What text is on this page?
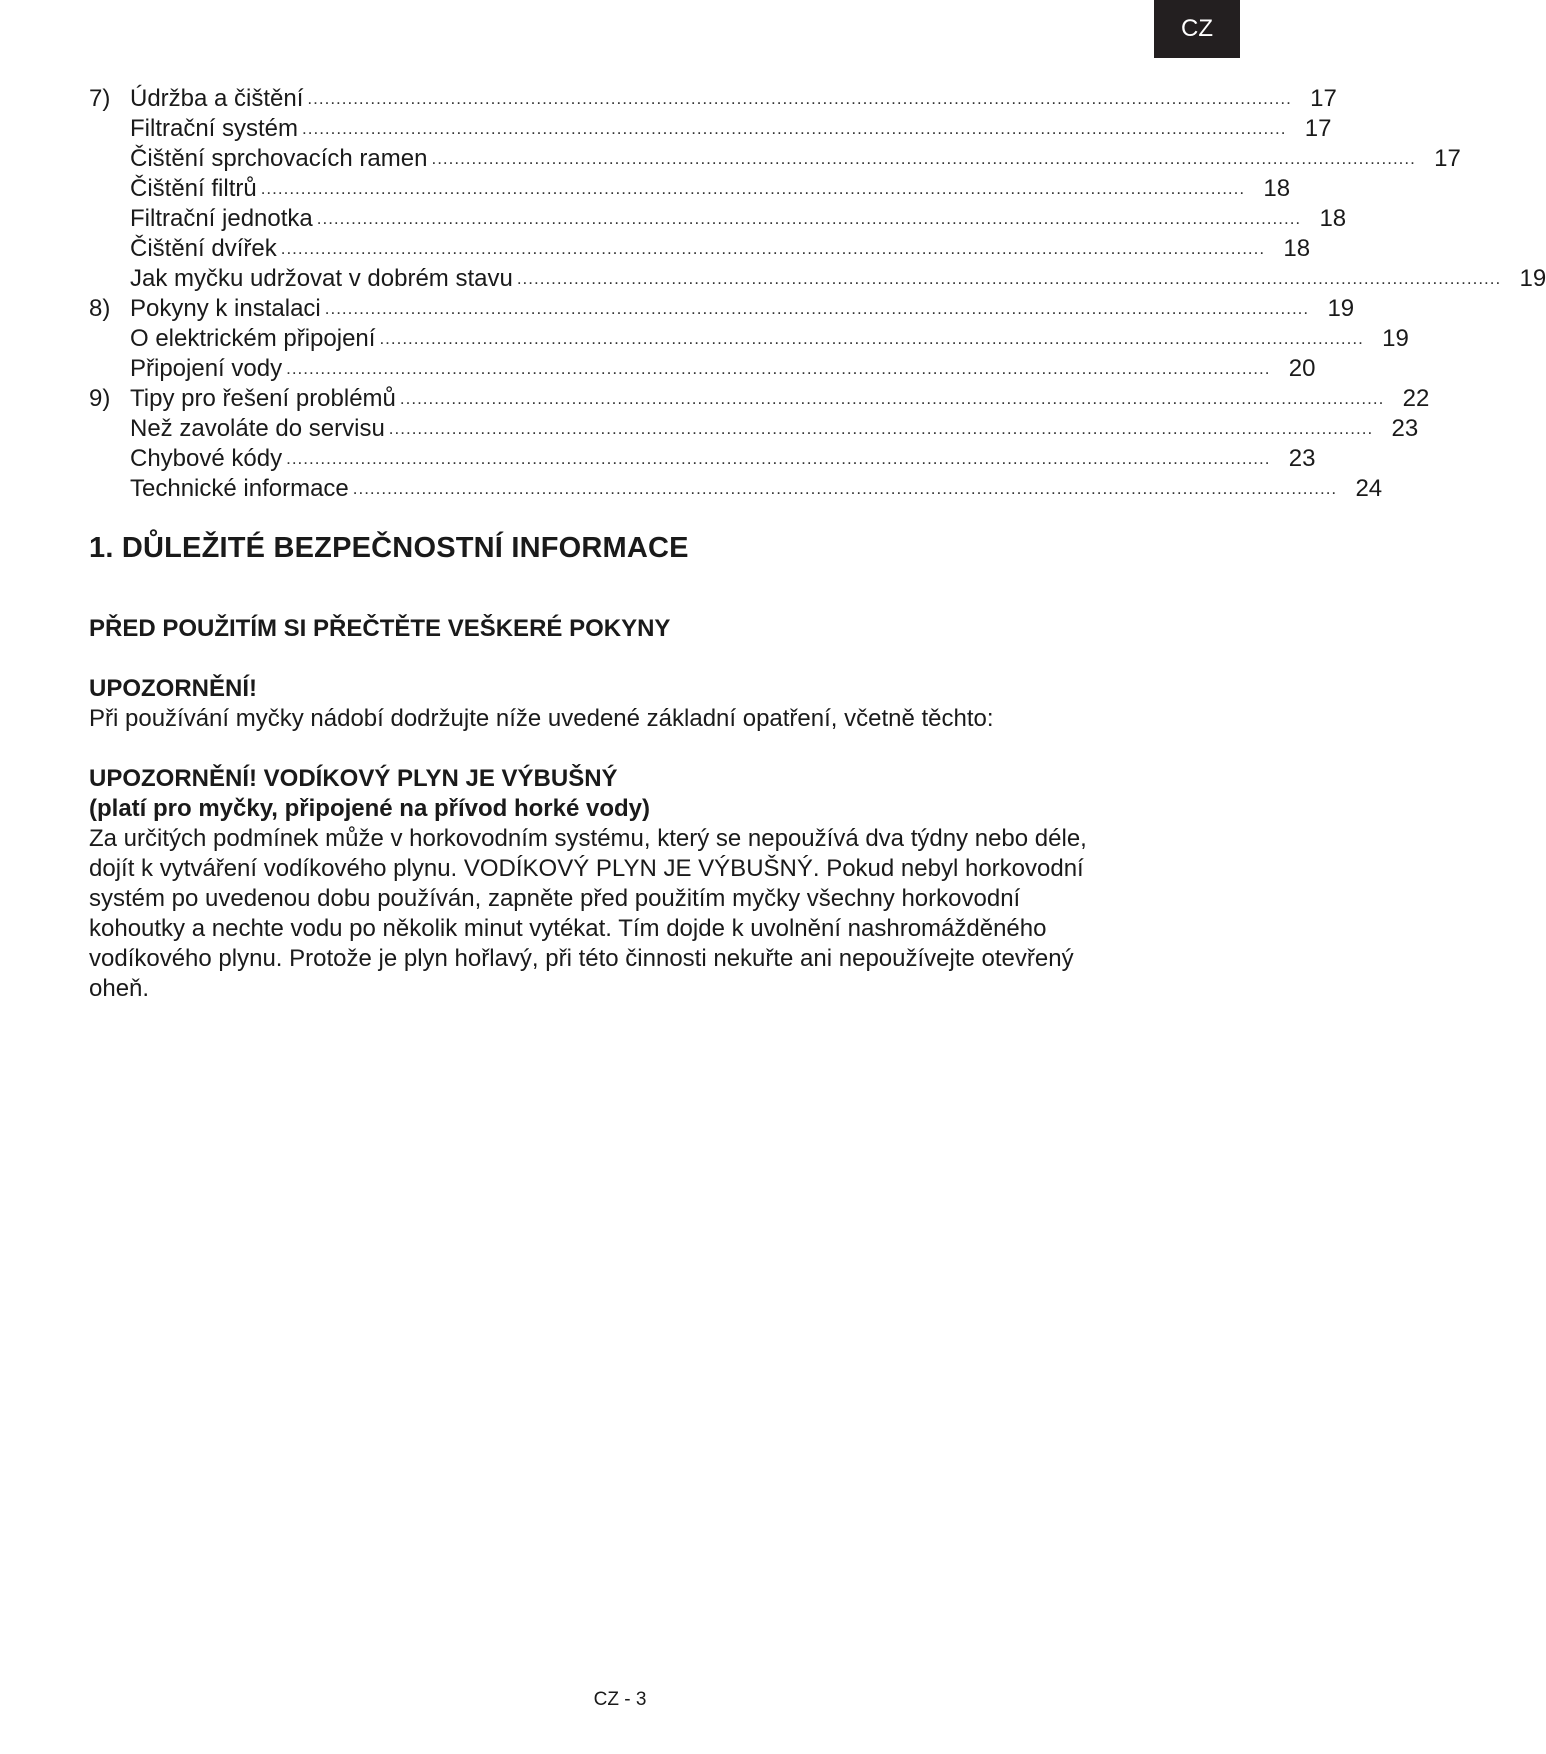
CZ
7) Údržba a čištění ............................................................................................................................................................................ 17
Filtrační systém ............................................................................................................................................................................ 17
Čištění sprchovacích ramen ............................................................................................................................................................................ 17
Čištění filtrů ............................................................................................................................................................................ 18
Filtrační jednotka ............................................................................................................................................................................ 18
Čištění dvířek ............................................................................................................................................................................ 18
Jak myčku udržovat v dobrém stavu ............................................................................................................................................................................ 19
8) Pokyny k instalaci ............................................................................................................................................................................ 19
O elektrickém připojení ............................................................................................................................................................................ 19
Připojení vody ............................................................................................................................................................................ 20
9) Tipy pro řešení problémů ............................................................................................................................................................................ 22
Než zavoláte do servisu ............................................................................................................................................................................ 23
Chybové kódy ............................................................................................................................................................................ 23
Technické informace ............................................................................................................................................................................ 24
1. DŮLEŽITÉ BEZPEČNOSTNÍ INFORMACE
PŘED POUŽITÍM SI PŘEČTĚTE VEŠKERÉ POKYNY

UPOZORNĚNÍ!

Při používání myčky nádobí dodržujte níže uvedené základní opatření, včetně těchto:

UPOZORNĚNÍ! VODÍKOVÝ PLYN JE VÝBUŠNÝ

(platí pro myčky, připojené na přívod horké vody)

Za určitých podmínek může v horkovodním systému, který se nepoužívá dva týdny nebo déle,

dojít k vytváření vodíkového plynu. VODÍKOVÝ PLYN JE VÝBUŠNÝ. Pokud nebyl horkovodní

systém po uvedenou dobu používán, zapněte před použitím myčky všechny horkovodní

kohoutky a nechte vodu po několik minut vytékat. Tím dojde k uvolnění nashromážděného

vodíkového plynu. Protože je plyn hořlavý, při této činnosti nekuřte ani nepoužívejte otevřený

oheň.

CZ - 3
